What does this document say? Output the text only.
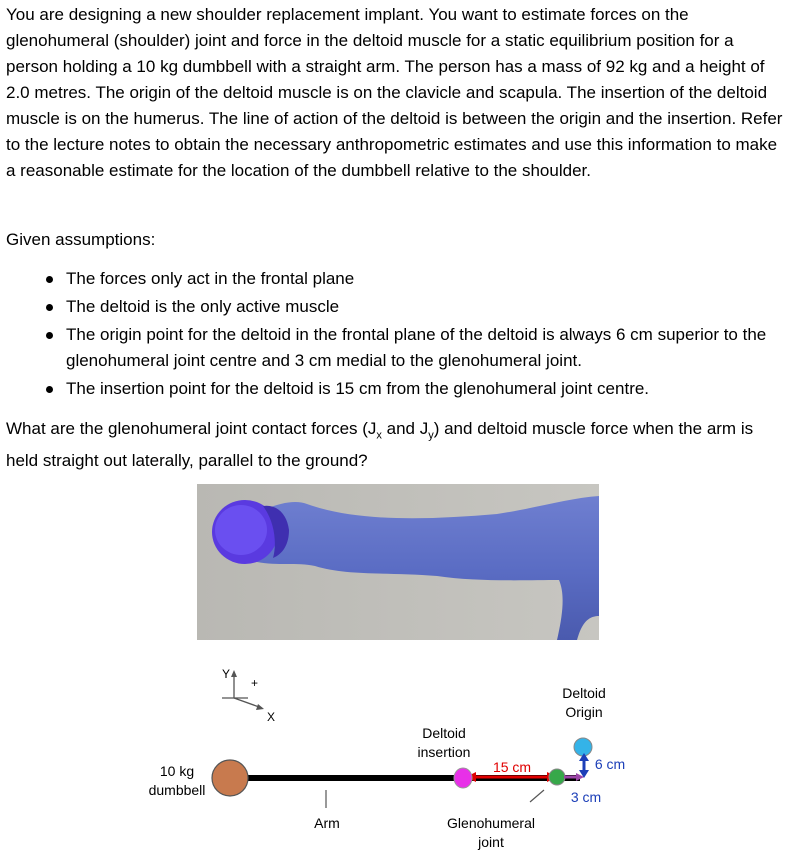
You are designing a new shoulder replacement implant. You want to estimate forces on the glenohumeral (shoulder) joint and force in the deltoid muscle for a static equilibrium position for a person holding a 10 kg dumbbell with a straight arm. The person has a mass of 92 kg and a height of 2.0 metres. The origin of the deltoid muscle is on the clavicle and scapula. The insertion of the deltoid muscle is on the humerus. The line of action of the deltoid is between the origin and the insertion. Refer to the lecture notes to obtain the necessary anthropometric estimates and use this information to make a reasonable estimate for the location of the dumbbell relative to the shoulder.
Given assumptions:
The forces only act in the frontal plane
The deltoid is the only active muscle
The origin point for the deltoid in the frontal plane of the deltoid is always 6 cm superior to the glenohumeral joint centre and 3 cm medial to the glenohumeral joint.
The insertion point for the deltoid is 15 cm from the glenohumeral joint centre.
What are the glenohumeral joint contact forces ($J_x$ and $J_y$) and deltoid muscle force when the arm is held straight out laterally, parallel to the ground?
Y
+
X
10 kg
dumbbell
Arm
Deltoid
insertion
15 cm
Deltoid
Origin
6 cm
3 cm
Glenohumeral
joint
